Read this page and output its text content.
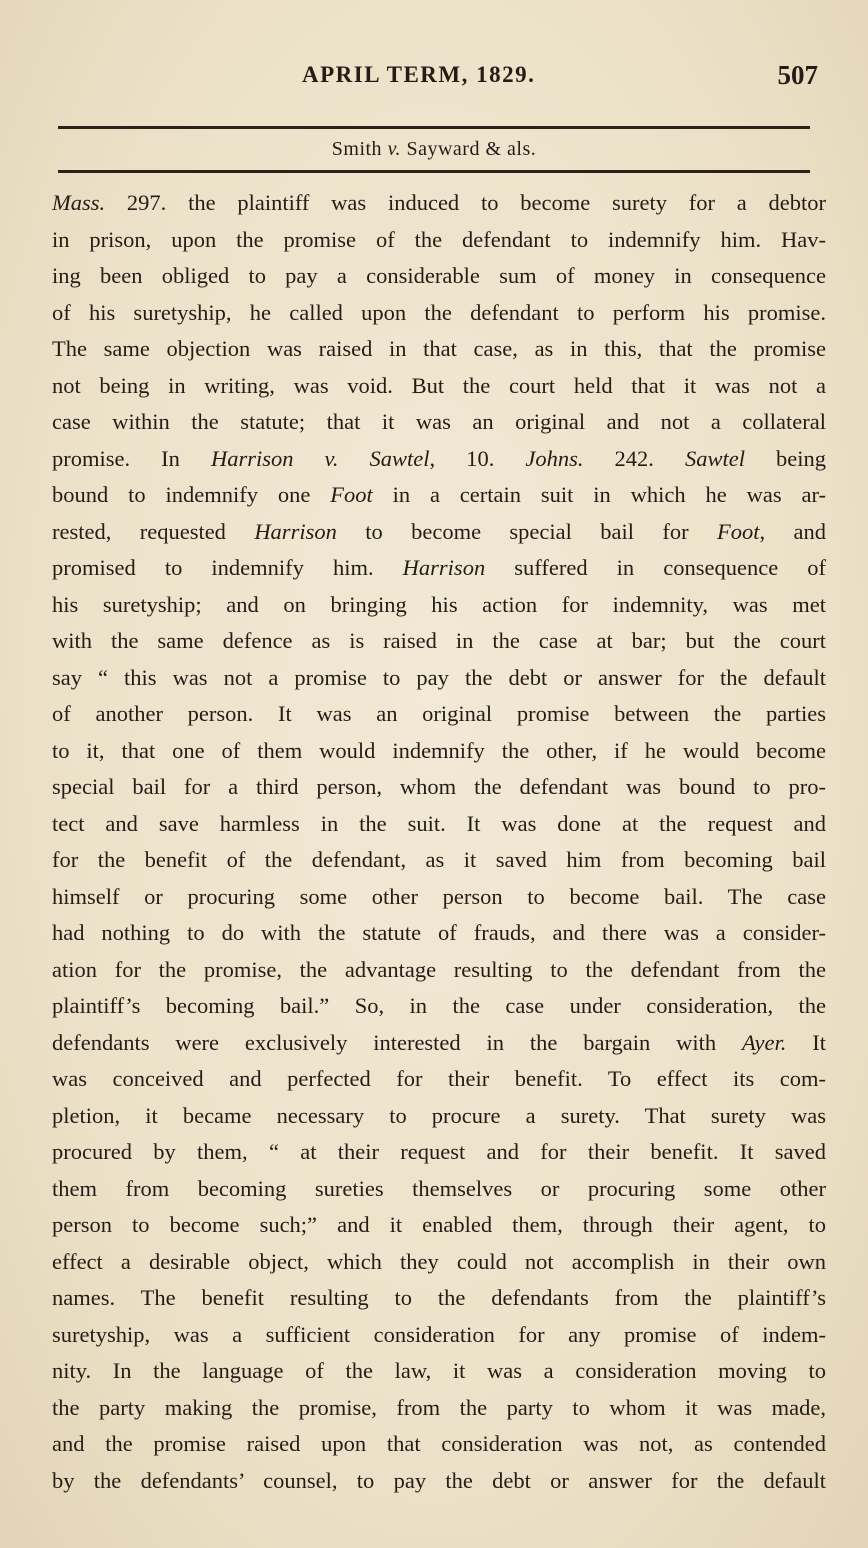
APRIL TERM, 1829.	507
Smith v. Sayward & als.
Mass. 297. the plaintiff was induced to become surety for a debtor
in prison, upon the promise of the defendant to indemnify him. Hav-
ing been obliged to pay a considerable sum of money in consequence
of his suretyship, he called upon the defendant to perform his promise.
The same objection was raised in that case, as in this, that the promise
not being in writing, was void. But the court held that it was not a
case within the statute; that it was an original and not a collateral
promise. In Harrison v. Sawtel, 10. Johns. 242. Sawtel being
bound to indemnify one Foot in a certain suit in which he was ar-
rested, requested Harrison to become special bail for Foot, and
promised to indemnify him. Harrison suffered in consequence of
his suretyship; and on bringing his action for indemnity, was met
with the same defence as is raised in the case at bar; but the court
say “ this was not a promise to pay the debt or answer for the default
of another person. It was an original promise between the parties
to it, that one of them would indemnify the other, if he would become
special bail for a third person, whom the defendant was bound to pro-
tect and save harmless in the suit. It was done at the request and
for the benefit of the defendant, as it saved him from becoming bail
himself or procuring some other person to become bail. The case
had nothing to do with the statute of frauds, and there was a consider-
ation for the promise, the advantage resulting to the defendant from the
plaintiff’s becoming bail.” So, in the case under consideration, the
defendants were exclusively interested in the bargain with Ayer. It
was conceived and perfected for their benefit. To effect its com-
pletion, it became necessary to procure a surety. That surety was
procured by them, “ at their request and for their benefit. It saved
them from becoming sureties themselves or procuring some other
person to become such;” and it enabled them, through their agent, to
effect a desirable object, which they could not accomplish in their own
names. The benefit resulting to the defendants from the plaintiff’s
suretyship, was a sufficient consideration for any promise of indem-
nity. In the language of the law, it was a consideration moving to
the party making the promise, from the party to whom it was made,
and the promise raised upon that consideration was not, as contended
by the defendants’ counsel, to pay the debt or answer for the default
